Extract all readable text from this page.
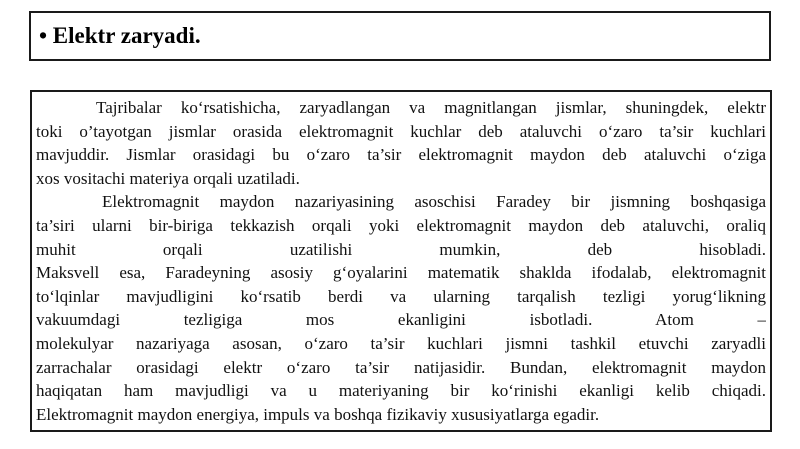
• Elektr zaryadi.
Tajribalar ko‘rsatishicha, zaryadlangan va magnitlangan jismlar, shuningdek, elektr
toki o’tayotgan jismlar orasida elektromagnit kuchlar deb ataluvchi o‘zaro ta’sir kuchlari
mavjuddir. Jismlar orasidagi bu o‘zaro ta’sir elektromagnit maydon deb ataluvchi o‘ziga
xos vositachi materiya orqali uzatiladi.
Elektromagnit maydon nazariyasining asoschisi Faradey bir jismning boshqasiga
ta’siri ularni bir-biriga tekkazish orqali yoki elektromagnit maydon deb ataluvchi, oraliq
muhit orqali uzatilishi mumkin, deb hisobladi.
Maksvell esa, Faradeyning asosiy g‘oyalarini matematik shaklda ifodalab, elektromagnit
to‘lqinlar mavjudligini ko‘rsatib berdi va ularning tarqalish tezligi yorug‘likning
vakuumdagi tezligiga mos ekanligini isbotladi. Atom –
molekulyar nazariyaga asosan, o‘zaro ta’sir kuchlari jismni tashkil etuvchi zaryadli
zarrachalar orasidagi elektr o‘zaro ta’sir natijasidir. Bundan, elektromagnit maydon
haqiqatan ham mavjudligi va u materiyaning bir ko‘rinishi ekanligi kelib chiqadi.
Elektromagnit maydon energiya, impuls va boshqa fizikaviy xususiyatlarga egadir.
